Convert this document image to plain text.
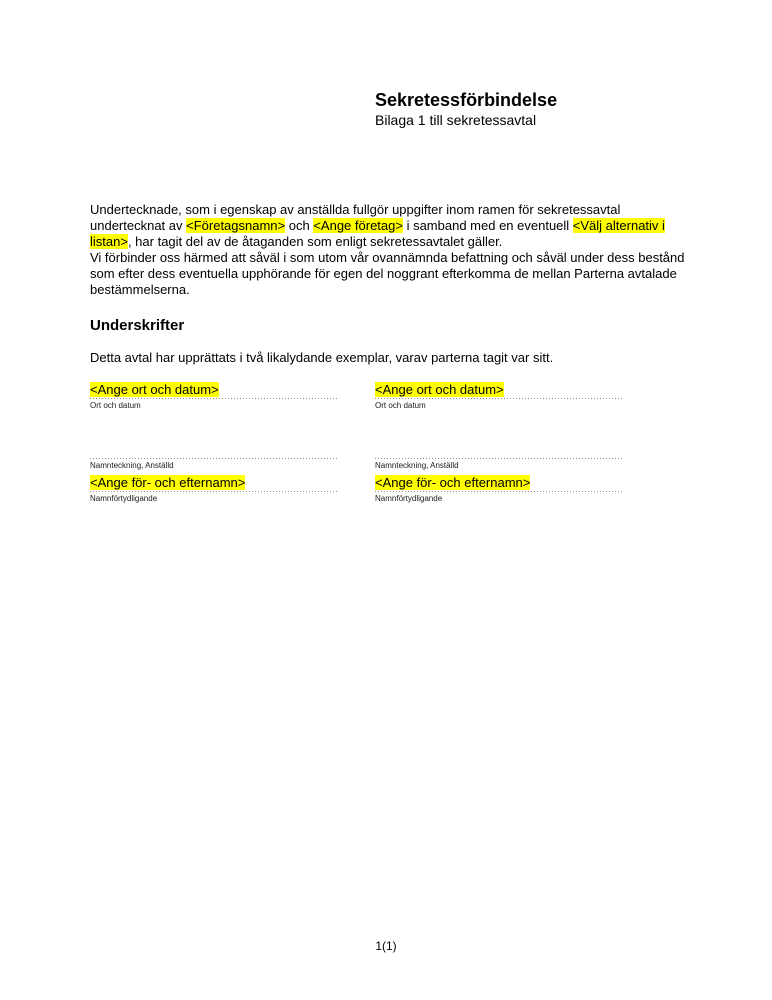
Sekretessförbindelse
Bilaga 1 till sekretessavtal

Undertecknade, som i egenskap av anställda fullgör uppgifter inom ramen för sekretessavtal undertecknat av <Företagsnamn> och <Ange företag> i samband med en eventuell <Välj alternativ i listan>, har tagit del av de åtaganden som enligt sekretessavtalet gäller.

Vi förbinder oss härmed att såväl i som utom vår ovannämnda befattning och såväl under dess bestånd som efter dess eventuella upphörande för egen del noggrant efterkomma de mellan Parterna avtalade bestämmelserna.

Underskrifter
Detta avtal har upprättats i två likalydande exemplar, varav parterna tagit var sitt.
<Ange ort och datum>
Ort och datum
Namnteckning, Anställd
<Ange för- och efternamn>
Namnförtydligande
<Ange ort och datum>
Ort och datum
Namnteckning, Anställd
<Ange för- och efternamn>
Namnförtydligande
1(1)
